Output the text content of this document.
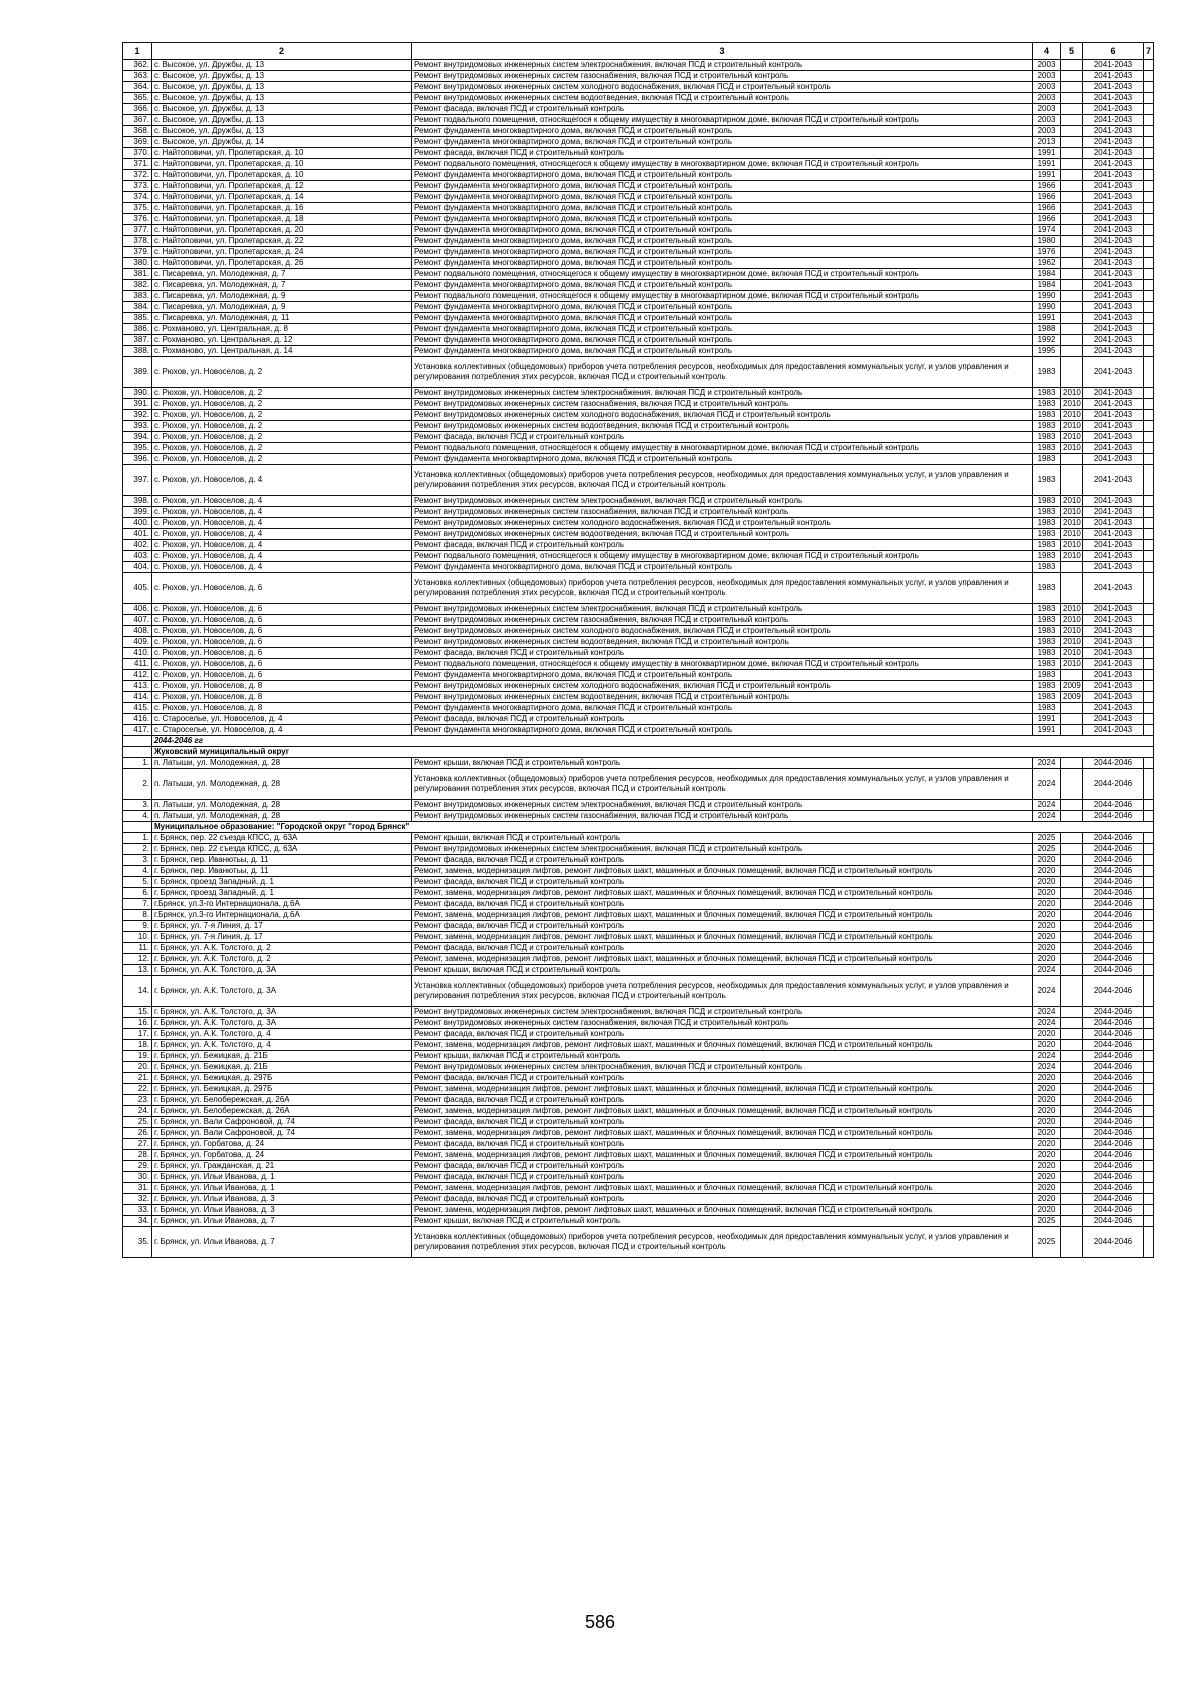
1	2	3	4	5	6	7
362.	с. Высокое, ул. Дружбы, д. 13	Ремонт внутридомовых инженерных систем электроснабжения, включая ПСД и строительный контроль	2003		2041-2043	
363.	с. Высокое, ул. Дружбы, д. 13	Ремонт внутридомовых инженерных систем газоснабжения, включая ПСД и строительный контроль	2003		2041-2043	
364.	с. Высокое, ул. Дружбы, д. 13	Ремонт внутридомовых инженерных систем холодного водоснабжения, включая ПСД и строительный контроль	2003		2041-2043	
365.	с. Высокое, ул. Дружбы, д. 13	Ремонт внутридомовых инженерных систем водоотведения, включая ПСД и строительный контроль	2003		2041-2043	
366.	с. Высокое, ул. Дружбы, д. 13	Ремонт фасада, включая ПСД и строительный контроль	2003		2041-2043	
367.	с. Высокое, ул. Дружбы, д. 13	Ремонт подвального помещения, относящегося к общему имуществу в многоквартирном доме, включая ПСД и строительный контроль	2003		2041-2043	
368.	с. Высокое, ул. Дружбы, д. 13	Ремонт фундамента многоквартирного дома, включая ПСД и строительный контроль	2003		2041-2043	
369.	с. Высокое, ул. Дружбы, д. 14	Ремонт фундамента многоквартирного дома, включая ПСД и строительный контроль	2013		2041-2043	
370.	с. Найтоповичи, ул. Пролетарская, д. 10	Ремонт фасада, включая ПСД и строительный контроль	1991		2041-2043	
371.	с. Найтоповичи, ул. Пролетарская, д. 10	Ремонт подвального помещения, относящегося к общему имуществу в многоквартирном доме, включая ПСД и строительный контроль	1991		2041-2043	
372.	с. Найтоповичи, ул. Пролетарская, д. 10	Ремонт фундамента многоквартирного дома, включая ПСД и строительный контроль	1991		2041-2043	
373.	с. Найтоповичи, ул. Пролетарская, д. 12	Ремонт фундамента многоквартирного дома, включая ПСД и строительный контроль	1966		2041-2043	
374.	с. Найтоповичи, ул. Пролетарская, д. 14	Ремонт фундамента многоквартирного дома, включая ПСД и строительный контроль	1966		2041-2043	
375.	с. Найтоповичи, ул. Пролетарская, д. 16	Ремонт фундамента многоквартирного дома, включая ПСД и строительный контроль	1966		2041-2043	
376.	с. Найтоповичи, ул. Пролетарская, д. 18	Ремонт фундамента многоквартирного дома, включая ПСД и строительный контроль	1966		2041-2043	
377.	с. Найтоповичи, ул. Пролетарская, д. 20	Ремонт фундамента многоквартирного дома, включая ПСД и строительный контроль	1974		2041-2043	
378.	с. Найтоповичи, ул. Пролетарская, д. 22	Ремонт фундамента многоквартирного дома, включая ПСД и строительный контроль	1980		2041-2043	
379.	с. Найтоповичи, ул. Пролетарская, д. 24	Ремонт фундамента многоквартирного дома, включая ПСД и строительный контроль	1976		2041-2043	
380.	с. Найтоповичи, ул. Пролетарская, д. 26	Ремонт фундамента многоквартирного дома, включая ПСД и строительный контроль	1962		2041-2043	
381.	с. Писаревка, ул. Молодежная, д. 7	Ремонт подвального помещения, относящегося к общему имуществу в многоквартирном доме, включая ПСД и строительный контроль	1984		2041-2043	
382.	с. Писаревка, ул. Молодежная, д. 7	Ремонт фундамента многоквартирного дома, включая ПСД и строительный контроль	1984		2041-2043	
383.	с. Писаревка, ул. Молодежная, д. 9	Ремонт подвального помещения, относящегося к общему имуществу в многоквартирном доме, включая ПСД и строительный контроль	1990		2041-2043	
384.	с. Писаревка, ул. Молодежная, д. 9	Ремонт фундамента многоквартирного дома, включая ПСД и строительный контроль	1990		2041-2043	
385.	с. Писаревка, ул. Молодежная, д. 11	Ремонт фундамента многоквартирного дома, включая ПСД и строительный контроль	1991		2041-2043	
386.	с. Рохманово, ул. Центральная, д. 8	Ремонт фундамента многоквартирного дома, включая ПСД и строительный контроль	1988		2041-2043	
387.	с. Рохманово, ул. Центральная, д. 12	Ремонт фундамента многоквартирного дома, включая ПСД и строительный контроль	1992		2041-2043	
388.	с. Рохманово, ул. Центральная, д. 14	Ремонт фундамента многоквартирного дома, включая ПСД и строительный контроль	1995		2041-2043	
389.	с. Рюхов, ул. Новоселов, д. 2	Установка коллективных (общедомовых) приборов учета потребления ресурсов, необходимых для предоставления коммунальных услуг, и узлов управления и регулирования потребления этих ресурсов, включая ПСД и строительный контроль	1983		2041-2043	
390.	с. Рюхов, ул. Новоселов, д. 2	Ремонт внутридомовых инженерных систем электроснабжения, включая ПСД и строительный контроль	1983	2010	2041-2043	
391.	с. Рюхов, ул. Новоселов, д. 2	Ремонт внутридомовых инженерных систем газоснабжения, включая ПСД и строительный контроль	1983	2010	2041-2043	
392.	с. Рюхов, ул. Новоселов, д. 2	Ремонт внутридомовых инженерных систем холодного водоснабжения, включая ПСД и строительный контроль	1983	2010	2041-2043	
393.	с. Рюхов, ул. Новоселов, д. 2	Ремонт внутридомовых инженерных систем водоотведения, включая ПСД и строительный контроль	1983	2010	2041-2043	
394.	с. Рюхов, ул. Новоселов, д. 2	Ремонт фасада, включая ПСД и строительный контроль	1983	2010	2041-2043	
395.	с. Рюхов, ул. Новоселов, д. 2	Ремонт подвального помещения, относящегося к общему имуществу в многоквартирном доме, включая ПСД и строительный контроль	1983	2010	2041-2043	
396.	с. Рюхов, ул. Новоселов, д. 2	Ремонт фундамента многоквартирного дома, включая ПСД и строительный контроль	1983		2041-2043	
397.	с. Рюхов, ул. Новоселов, д. 4	Установка коллективных (общедомовых) приборов учета потребления ресурсов, необходимых для предоставления коммунальных услуг, и узлов управления и регулирования потребления этих ресурсов, включая ПСД и строительный контроль	1983		2041-2043	
398.	с. Рюхов, ул. Новоселов, д. 4	Ремонт внутридомовых инженерных систем электроснабжения, включая ПСД и строительный контроль	1983	2010	2041-2043	
399.	с. Рюхов, ул. Новоселов, д. 4	Ремонт внутридомовых инженерных систем газоснабжения, включая ПСД и строительный контроль	1983	2010	2041-2043	
400.	с. Рюхов, ул. Новоселов, д. 4	Ремонт внутридомовых инженерных систем холодного водоснабжения, включая ПСД и строительный контроль	1983	2010	2041-2043	
401.	с. Рюхов, ул. Новоселов, д. 4	Ремонт внутридомовых инженерных систем водоотведения, включая ПСД и строительный контроль	1983	2010	2041-2043	
402.	с. Рюхов, ул. Новоселов, д. 4	Ремонт фасада, включая ПСД и строительный контроль	1983	2010	2041-2043	
403.	с. Рюхов, ул. Новоселов, д. 4	Ремонт подвального помещения, относящегося к общему имуществу в многоквартирном доме, включая ПСД и строительный контроль	1983	2010	2041-2043	
404.	с. Рюхов, ул. Новоселов, д. 4	Ремонт фундамента многоквартирного дома, включая ПСД и строительный контроль	1983		2041-2043	
405.	с. Рюхов, ул. Новоселов, д. 6	Установка коллективных (общедомовых) приборов учета потребления ресурсов, необходимых для предоставления коммунальных услуг, и узлов управления и регулирования потребления этих ресурсов, включая ПСД и строительный контроль	1983		2041-2043	
406.	с. Рюхов, ул. Новоселов, д. 6	Ремонт внутридомовых инженерных систем электроснабжения, включая ПСД и строительный контроль	1983	2010	2041-2043	
407.	с. Рюхов, ул. Новоселов, д. 6	Ремонт внутридомовых инженерных систем газоснабжения, включая ПСД и строительный контроль	1983	2010	2041-2043	
408.	с. Рюхов, ул. Новоселов, д. 6	Ремонт внутридомовых инженерных систем холодного водоснабжения, включая ПСД и строительный контроль	1983	2010	2041-2043	
409.	с. Рюхов, ул. Новоселов, д. 6	Ремонт внутридомовых инженерных систем водоотведения, включая ПСД и строительный контроль	1983	2010	2041-2043	
410.	с. Рюхов, ул. Новоселов, д. 6	Ремонт фасада, включая ПСД и строительный контроль	1983	2010	2041-2043	
411.	с. Рюхов, ул. Новоселов, д. 6	Ремонт подвального помещения, относящегося к общему имуществу в многоквартирном доме, включая ПСД и строительный контроль	1983	2010	2041-2043	
412.	с. Рюхов, ул. Новоселов, д. 6	Ремонт фундамента многоквартирного дома, включая ПСД и строительный контроль	1983		2041-2043	
413.	с. Рюхов, ул. Новоселов, д. 8	Ремонт внутридомовых инженерных систем холодного водоснабжения, включая ПСД и строительный контроль	1983	2009	2041-2043	
414.	с. Рюхов, ул. Новоселов, д. 8	Ремонт внутридомовых инженерных систем водоотведения, включая ПСД и строительный контроль	1983	2009	2041-2043	
415.	с. Рюхов, ул. Новоселов, д. 8	Ремонт фундамента многоквартирного дома, включая ПСД и строительный контроль	1983		2041-2043	
416.	с. Староселье, ул. Новоселов, д. 4	Ремонт фасада, включая ПСД и строительный контроль	1991		2041-2043	
417.	с. Староселье, ул. Новоселов, д. 4	Ремонт фундамента многоквартирного дома, включая ПСД и строительный контроль	1991		2041-2043	
	2044-2046 гг					
	Жуковский муниципальный округ					
1.	п. Латыши, ул. Молодежная, д. 28	Ремонт крыши, включая ПСД и строительный контроль	2024		2044-2046	
2.	п. Латыши, ул. Молодежная, д. 28	Установка коллективных (общедомовых) приборов учета потребления ресурсов, необходимых для предоставления коммунальных услуг, и узлов управления и регулирования потребления этих ресурсов, включая ПСД и строительный контроль	2024		2044-2046	
3.	п. Латыши, ул. Молодежная, д. 28	Ремонт внутридомовых инженерных систем электроснабжения, включая ПСД и строительный контроль	2024		2044-2046	
4.	п. Латыши, ул. Молодежная, д. 28	Ремонт внутридомовых инженерных систем газоснабжения, включая ПСД и строительный контроль	2024		2044-2046	
	Муниципальное образование: "Городской округ "город Брянск"					
1.	г. Брянск, пер. 22 съезда КПСС, д. 63А	Ремонт крыши, включая ПСД и строительный контроль	2025		2044-2046	
2.	г. Брянск, пер. 22 съезда КПСС, д. 63А	Ремонт внутридомовых инженерных систем электроснабжения, включая ПСД и строительный контроль	2025		2044-2046	
3.	г. Брянск, пер. Иванютьы, д. 11	Ремонт фасада, включая ПСД и строительный контроль	2020		2044-2046	
4.	г. Брянск, пер. Иванютьы, д. 11	Ремонт, замена, модернизация лифтов, ремонт лифтовых шахт, машинных и блочных помещений, включая ПСД и строительный контроль	2020		2044-2046	
5.	г. Брянск, проезд Западный, д. 1	Ремонт фасада, включая ПСД и строительный контроль	2020		2044-2046	
6.	г. Брянск, проезд Западный, д. 1	Ремонт, замена, модернизация лифтов, ремонт лифтовых шахт, машинных и блочных помещений, включая ПСД и строительный контроль	2020		2044-2046	
7.	г.Брянск, ул.3-го Интернационала, д.6А	Ремонт фасада, включая ПСД и строительный контроль	2020		2044-2046	
8.	г.Брянск, ул.3-го Интернационала, д.6А	Ремонт, замена, модернизация лифтов, ремонт лифтовых шахт, машинных и блочных помещений, включая ПСД и строительный контроль	2020		2044-2046	
9.	г. Брянск, ул. 7-я Линия, д. 17	Ремонт фасада, включая ПСД и строительный контроль	2020		2044-2046	
10.	г. Брянск, ул. 7-я Линия, д. 17	Ремонт, замена, модернизация лифтов, ремонт лифтовых шахт, машинных и блочных помещений, включая ПСД и строительный контроль	2020		2044-2046	
11.	г. Брянск, ул. А.К. Толстого, д. 2	Ремонт фасада, включая ПСД и строительный контроль	2020		2044-2046	
12.	г. Брянск, ул. А.К. Толстого, д. 2	Ремонт, замена, модернизация лифтов, ремонт лифтовых шахт, машинных и блочных помещений, включая ПСД и строительный контроль	2020		2044-2046	
13.	г. Брянск, ул. А.К. Толстого, д. 3А	Ремонт крыши, включая ПСД и строительный контроль	2024		2044-2046	
14.	г. Брянск, ул. А.К. Толстого, д. 3А	Установка коллективных (общедомовых) приборов учета потребления ресурсов, необходимых для предоставления коммунальных услуг, и узлов управления и регулирования потребления этих ресурсов, включая ПСД и строительный контроль	2024		2044-2046	
15.	г. Брянск, ул. А.К. Толстого, д. 3А	Ремонт внутридомовых инженерных систем электроснабжения, включая ПСД и строительный контроль	2024		2044-2046	
16.	г. Брянск, ул. А.К. Толстого, д. 3А	Ремонт внутридомовых инженерных систем газоснабжения, включая ПСД и строительный контроль	2024		2044-2046	
17.	г. Брянск, ул. А.К. Толстого, д. 4	Ремонт фасада, включая ПСД и строительный контроль	2020		2044-2046	
18.	г. Брянск, ул. А.К. Толстого, д. 4	Ремонт, замена, модернизация лифтов, ремонт лифтовых шахт, машинных и блочных помещений, включая ПСД и строительный контроль	2020		2044-2046	
19.	г. Брянск, ул. Бежицкая, д. 21Б	Ремонт крыши, включая ПСД и строительный контроль	2024		2044-2046	
20.	г. Брянск, ул. Бежицкая, д. 21Б	Ремонт внутридомовых инженерных систем электроснабжения, включая ПСД и строительный контроль	2024		2044-2046	
21.	г. Брянск, ул. Бежицкая, д. 297Б	Ремонт фасада, включая ПСД и строительный контроль	2020		2044-2046	
22.	г. Брянск, ул. Бежицкая, д. 297Б	Ремонт, замена, модернизация лифтов, ремонт лифтовых шахт, машинных и блочных помещений, включая ПСД и строительный контроль	2020		2044-2046	
23.	г. Брянск, ул. Белобережская, д. 26А	Ремонт фасада, включая ПСД и строительный контроль	2020		2044-2046	
24.	г. Брянск, ул. Белобережская, д. 26А	Ремонт, замена, модернизация лифтов, ремонт лифтовых шахт, машинных и блочных помещений, включая ПСД и строительный контроль	2020		2044-2046	
25.	г. Брянск, ул. Вали Сафроновой, д. 74	Ремонт фасада, включая ПСД и строительный контроль	2020		2044-2046	
26.	г. Брянск, ул. Вали Сафроновой, д. 74	Ремонт, замена, модернизация лифтов, ремонт лифтовых шахт, машинных и блочных помещений, включая ПСД и строительный контроль	2020		2044-2046	
27.	г. Брянск, ул. Горбатова, д. 24	Ремонт фасада, включая ПСД и строительный контроль	2020		2044-2046	
28.	г. Брянск, ул. Горбатова, д. 24	Ремонт, замена, модернизация лифтов, ремонт лифтовых шахт, машинных и блочных помещений, включая ПСД и строительный контроль	2020		2044-2046	
29.	г. Брянск, ул. Гражданская, д. 21	Ремонт фасада, включая ПСД и строительный контроль	2020		2044-2046	
30.	г. Брянск, ул. Ильи Иванова, д. 1	Ремонт фасада, включая ПСД и строительный контроль	2020		2044-2046	
31.	г. Брянск, ул. Ильи Иванова, д. 1	Ремонт, замена, модернизация лифтов, ремонт лифтовых шахт, машинных и блочных помещений, включая ПСД и строительный контроль	2020		2044-2046	
32.	г. Брянск, ул. Ильи Иванова, д. 3	Ремонт фасада, включая ПСД и строительный контроль	2020		2044-2046	
33.	г. Брянск, ул. Ильи Иванова, д. 3	Ремонт, замена, модернизация лифтов, ремонт лифтовых шахт, машинных и блочных помещений, включая ПСД и строительный контроль	2020		2044-2046	
34.	г. Брянск, ул. Ильи Иванова, д. 7	Ремонт крыши, включая ПСД и строительный контроль	2025		2044-2046	
35.	г. Брянск, ул. Ильи Иванова, д. 7	Установка коллективных (общедомовых) приборов учета потребления ресурсов, необходимых для предоставления коммунальных услуг, и узлов управления и регулирования потребления этих ресурсов, включая ПСД и строительный контроль	2025		2044-2046	
586
